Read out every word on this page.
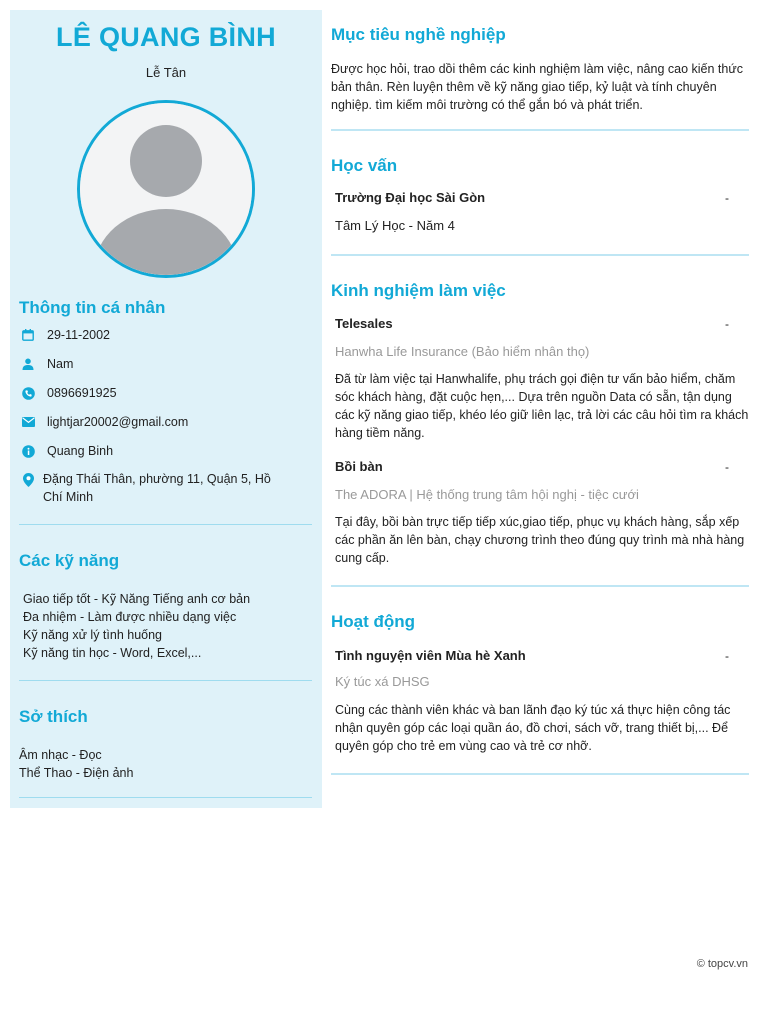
LÊ QUANG BÌNH
Lễ Tân
Thông tin cá nhân
29-11-2002
Nam
0896691925
lightjar20002@gmail.com
Quang Binh
Đặng Thái Thân, phường 11, Quận 5, Hồ Chí Minh
Các kỹ năng
Giao tiếp tốt - Kỹ Năng Tiếng anh cơ bản
Đa nhiệm - Làm được nhiều dạng việc
Kỹ năng xử lý tình huống
Kỹ năng tin học - Word, Excel,...
Sở thích
Âm nhạc - Đọc
Thể Thao - Điện ảnh
Mục tiêu nghề nghiệp
Được học hỏi, trao dồi thêm các kinh nghiệm làm việc, nâng cao kiến thức bản thân. Rèn luyện thêm về kỹ năng giao tiếp, kỷ luật và tính chuyên nghiệp. tìm kiếm môi trường có thể gắn bó và phát triển.
Học vấn
Trường Đại học Sài Gòn	-
Tâm Lý Học - Năm 4
Kinh nghiệm làm việc
Telesales	-
Hanwha Life Insurance (Bảo hiểm nhân thọ)
Đã từ làm việc tại Hanwhalife, phụ trách gọi điện tư vấn bảo hiểm, chăm sóc khách hàng, đặt cuộc hẹn,... Dựa trên nguồn Data có sẵn, tận dụng các kỹ năng giao tiếp, khéo léo giữ liên lạc, trả lời các câu hỏi tìm ra khách hàng tiềm năng.
Bồi bàn	-
The ADORA | Hệ thống trung tâm hội nghị - tiệc cưới
Tại đây, bồi bàn trực tiếp tiếp xúc,giao tiếp, phục vụ khách hàng, sắp xếp các phần ăn lên bàn, chạy chương trình theo đúng quy trình mà nhà hàng cung cấp.
Hoạt động
Tình nguyện viên Mùa hè Xanh	-
Ký túc xá DHSG
Cùng các thành viên khác và ban lãnh đạo ký túc xá thực hiện công tác nhận quyên góp các loại quần áo, đồ chơi, sách vỡ, trang thiết bị,... Để quyên góp cho trẻ em vùng cao và trẻ cơ nhỡ.
© topcv.vn
